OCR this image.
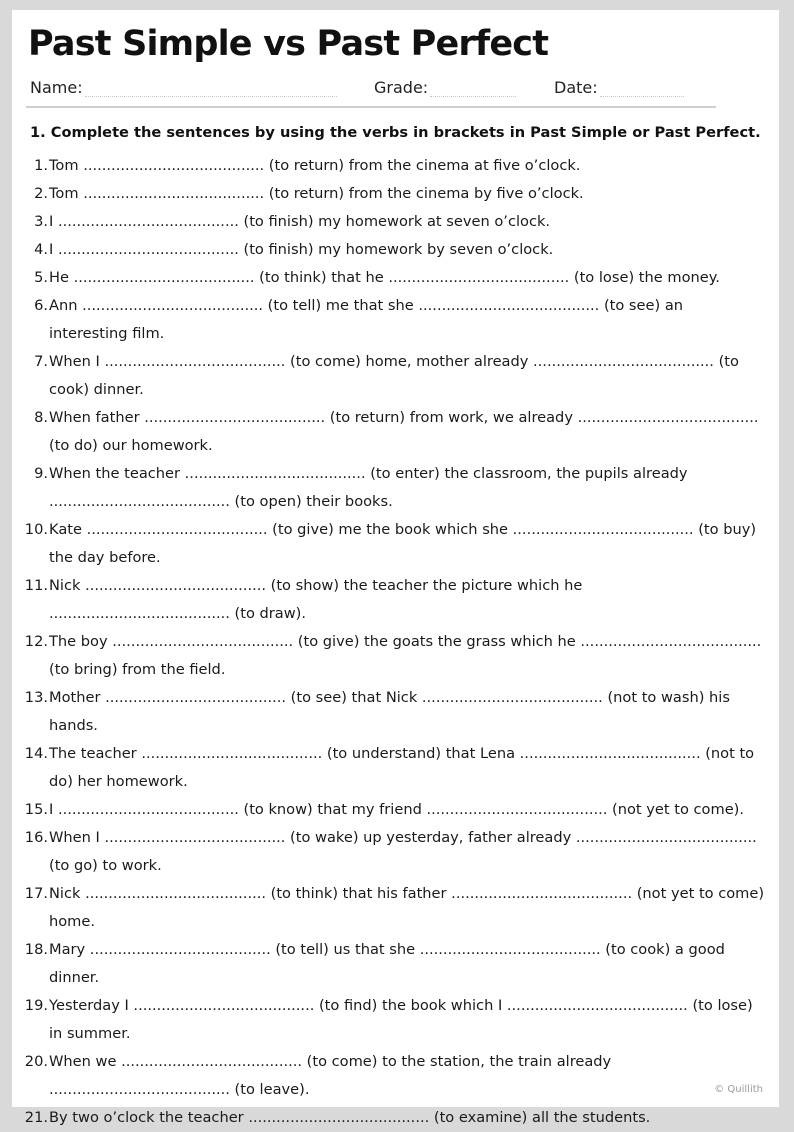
Past Simple vs Past Perfect
Name:	Grade:	Date:

1. Complete the sentences by using the verbs in brackets in Past Simple or Past Perfect.

1. Tom ....................................... (to return) from the cinema at five o’clock.
2. Tom ....................................... (to return) from the cinema by five o’clock.
3. I ....................................... (to finish) my homework at seven o’clock.
4. I ....................................... (to finish) my homework by seven o’clock.
5. He ....................................... (to think) that he ....................................... (to lose) the money.
6. Ann ....................................... (to tell) me that she ....................................... (to see) an interesting film.
7. When I ....................................... (to come) home, mother already ....................................... (to cook) dinner.
8. When father ....................................... (to return) from work, we already ....................................... (to do) our homework.
9. When the teacher ....................................... (to enter) the classroom, the pupils already ....................................... (to open) their books.
10. Kate ....................................... (to give) me the book which she ....................................... (to buy) the day before.
11. Nick ....................................... (to show) the teacher the picture which he ....................................... (to draw).
12. The boy ....................................... (to give) the goats the grass which he ....................................... (to bring) from the field.
13. Mother ....................................... (to see) that Nick ....................................... (not to wash) his hands.
14. The teacher ....................................... (to understand) that Lena ....................................... (not to do) her homework.
15. I ....................................... (to know) that my friend ....................................... (not yet to come).
16. When I ....................................... (to wake) up yesterday, father already ....................................... (to go) to work.
17. Nick ....................................... (to think) that his father ....................................... (not yet to come) home.
18. Mary ....................................... (to tell) us that she ....................................... (to cook) a good dinner.
19. Yesterday I ....................................... (to find) the book which I ....................................... (to lose) in summer.
20. When we ....................................... (to come) to the station, the train already ....................................... (to leave).
21. By two o’clock the teacher ....................................... (to examine) all the students.
© Quillith
